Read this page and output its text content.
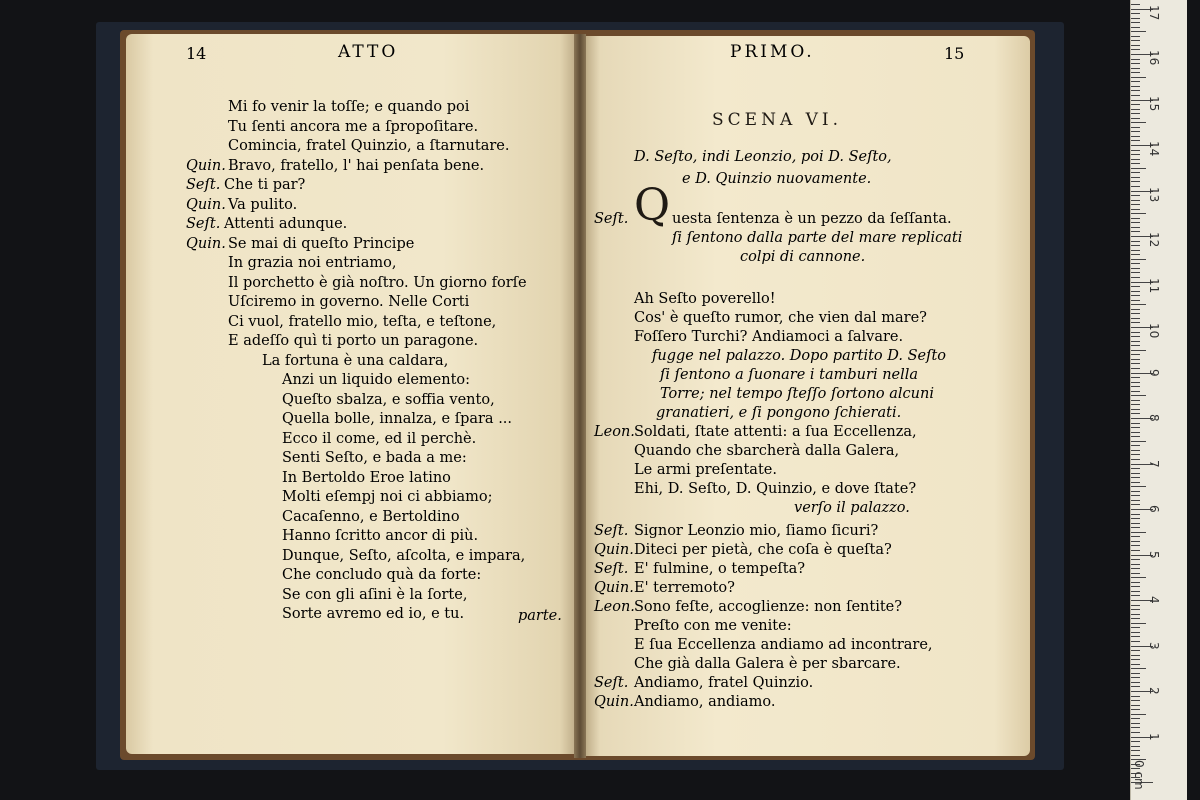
14	ATTO	PRIMO.	15
SCENA VI.
Mi fo venir la toſſe; e quando poi
Tu ſenti ancora me a ſpropoſitare.
Comincia, fratel Quinzio, a ſtarnutare.
Quin. Bravo, fratello, l' hai penſata bene.
Seſt. Che ti par?
Quin. Va pulito.
Seſt. Attenti adunque.
Quin. Se mai di queſto Principe
In grazia noi entriamo,
Il porchetto è già noſtro. Un giorno forſe
Uſciremo in governo. Nelle Corti
Ci vuol, fratello mio, teſta, e teſtone,
E adeſſo quì ti porto un paragone.
La fortuna è una caldara,
Anzi un liquido elemento:
Queſto sbalza, e soffia vento,
Quella bolle, innalza, e ſpara ...
Ecco il come, ed il perchè.
Senti Seſto, e bada a me:
In Bertoldo Eroe latino
Molti eſempj noi ci abbiamo;
Cacaſenno, e Bertoldino
Hanno ſcritto ancor di più.
Dunque, Seſto, aſcolta, e impara,
Che concludo quà da forte:
Se con gli aſini è la ſorte,
Sorte avremo ed io, e tu.	parte.
D. Seſto, indi Leonzio, poi D. Seſto,
e D. Quinzio nuovamente.
Q
Seſt.	uesta ſentenza è un pezzo da ſeſſanta.
ſi ſentono dalla parte del mare replicati
colpi di cannone.
Ah Seſto poverello!
Cos' è queſto rumor, che vien dal mare?
Foſſero Turchi? Andiamoci a ſalvare.
fugge nel palazzo. Dopo partito D. Seſto
ſi ſentono a ſuonare i tamburi nella
Torre; nel tempo ſteſſo ſortono alcuni
granatieri, e ſi pongono ſchierati.
Leon. Soldati, ſtate attenti: a ſua Eccellenza,
Quando che sbarcherà dalla Galera,
Le armi preſentate.
Ehi, D. Seſto, D. Quinzio, e dove ſtate?
verſo il palazzo.
Seſt. Signor Leonzio mio, ſiamo ſicuri?
Quin. Diteci per pietà, che coſa è queſta?
Seſt. E' fulmine, o tempeſta?
Quin. E' terremoto?
Leon. Sono feſte, accoglienze: non ſentite?
Preſto con me venite:
E ſua Eccellenza andiamo ad incontrare,
Che già dalla Galera è per sbarcare.
Seſt. Andiamo, fratel Quinzio.
Quin. Andiamo, andiamo.
1
2
3
4
5
6
7
8
9
10
11
12
13
14
15
16
17
0 cm
